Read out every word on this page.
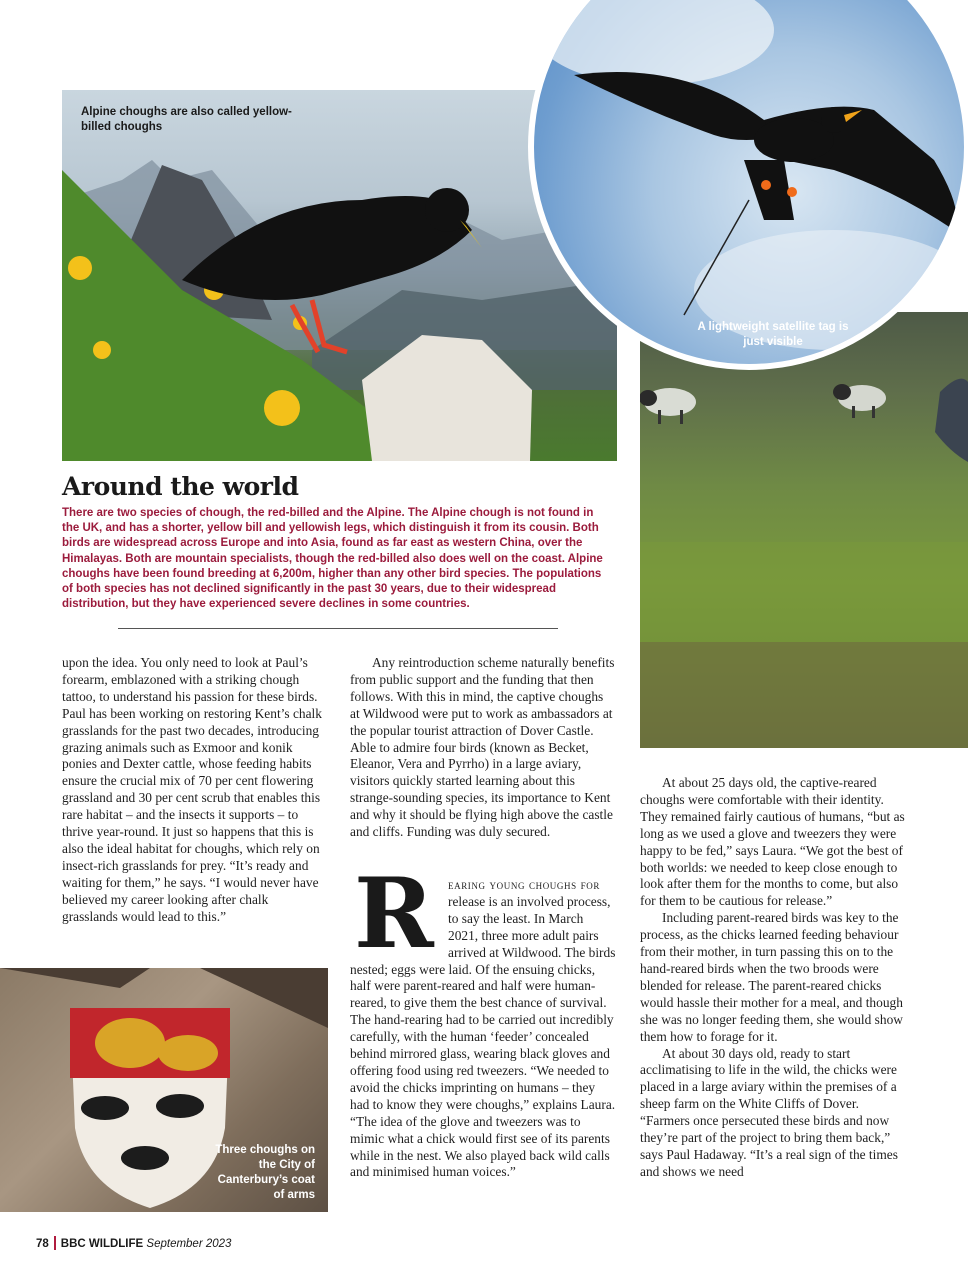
Alpine choughs are also called yellow-billed choughs
A lightweight satellite tag is just visible
Three choughs on the City of Canterbury’s coat of arms
Around the world
There are two species of chough, the red-billed and the Alpine. The Alpine chough is not found in the UK, and has a shorter, yellow bill and yellowish legs, which distinguish it from its cousin. Both birds are widespread across Europe and into Asia, found as far east as western China, over the Himalayas. Both are mountain specialists, though the red-billed also does well on the coast. Alpine choughs have been found breeding at 6,200m, higher than any other bird species. The populations of both species has not declined significantly in the past 30 years, due to their widespread distribution, but they have experienced severe declines in some countries.

upon the idea. You only need to look at Paul’s forearm, emblazoned with a striking chough tattoo, to understand his passion for these birds. Paul has been working on restoring Kent’s chalk grasslands for the past two decades, introducing grazing animals such as Exmoor and konik ponies and Dexter cattle, whose feeding habits ensure the crucial mix of 70 per cent flowering grassland and 30 per cent scrub that enables this rare habitat – and the insects it supports – to thrive year-round. It just so happens that this is also the ideal habitat for choughs, which rely on insect-rich grasslands for prey. “It’s ready and waiting for them,” he says. “I would never have believed my career looking after chalk grasslands would lead to this.”

Any reintroduction scheme naturally benefits from public support and the funding that then follows. With this in mind, the captive choughs at Wildwood were put to work as ambassadors at the popular tourist attraction of Dover Castle. Able to admire four birds (known as Becket, Eleanor, Vera and Pyrrho) in a large aviary, visitors quickly started learning about this strange-sounding species, its importance to Kent and why it should be flying high above the castle and cliffs. Funding was duly secured.

R	earing young choughs for release is an involved process, to say the least. In March 2021, three more adult pairs arrived at Wildwood. The birds nested; eggs were laid. Of the ensuing chicks, half were parent-reared and half were human-reared, to give them the best chance of survival. The hand-rearing had to be carried out incredibly carefully, with the human ‘feeder’ concealed behind mirrored glass, wearing black gloves and offering food using red tweezers. “We needed to avoid the chicks imprinting on humans – they had to know they were choughs,” explains Laura. “The idea of the glove and tweezers was to mimic what a chick would first see of its parents while in the nest. We also played back wild calls and minimised human voices.”

At about 25 days old, the captive-reared choughs were comfortable with their identity. They remained fairly cautious of humans, “but as long as we used a glove and tweezers they were happy to be fed,” says Laura. “We got the best of both worlds: we needed to keep close enough to look after them for the months to come, but also for them to be cautious for release.”

Including parent-reared birds was key to the process, as the chicks learned feeding behaviour from their mother, in turn passing this on to the hand-reared birds when the two broods were blended for release. The parent-reared chicks would hassle their mother for a meal, and though she was no longer feeding them, she would show them how to forage for it.

At about 30 days old, ready to start acclimatising to life in the wild, the chicks were placed in a large aviary within the premises of a sheep farm on the White Cliffs of Dover. “Farmers once persecuted these birds and now they’re part of the project to bring them back,” says Paul Hadaway. “It’s a real sign of the times and shows we need

78 BBC WILDLIFE September 2023
